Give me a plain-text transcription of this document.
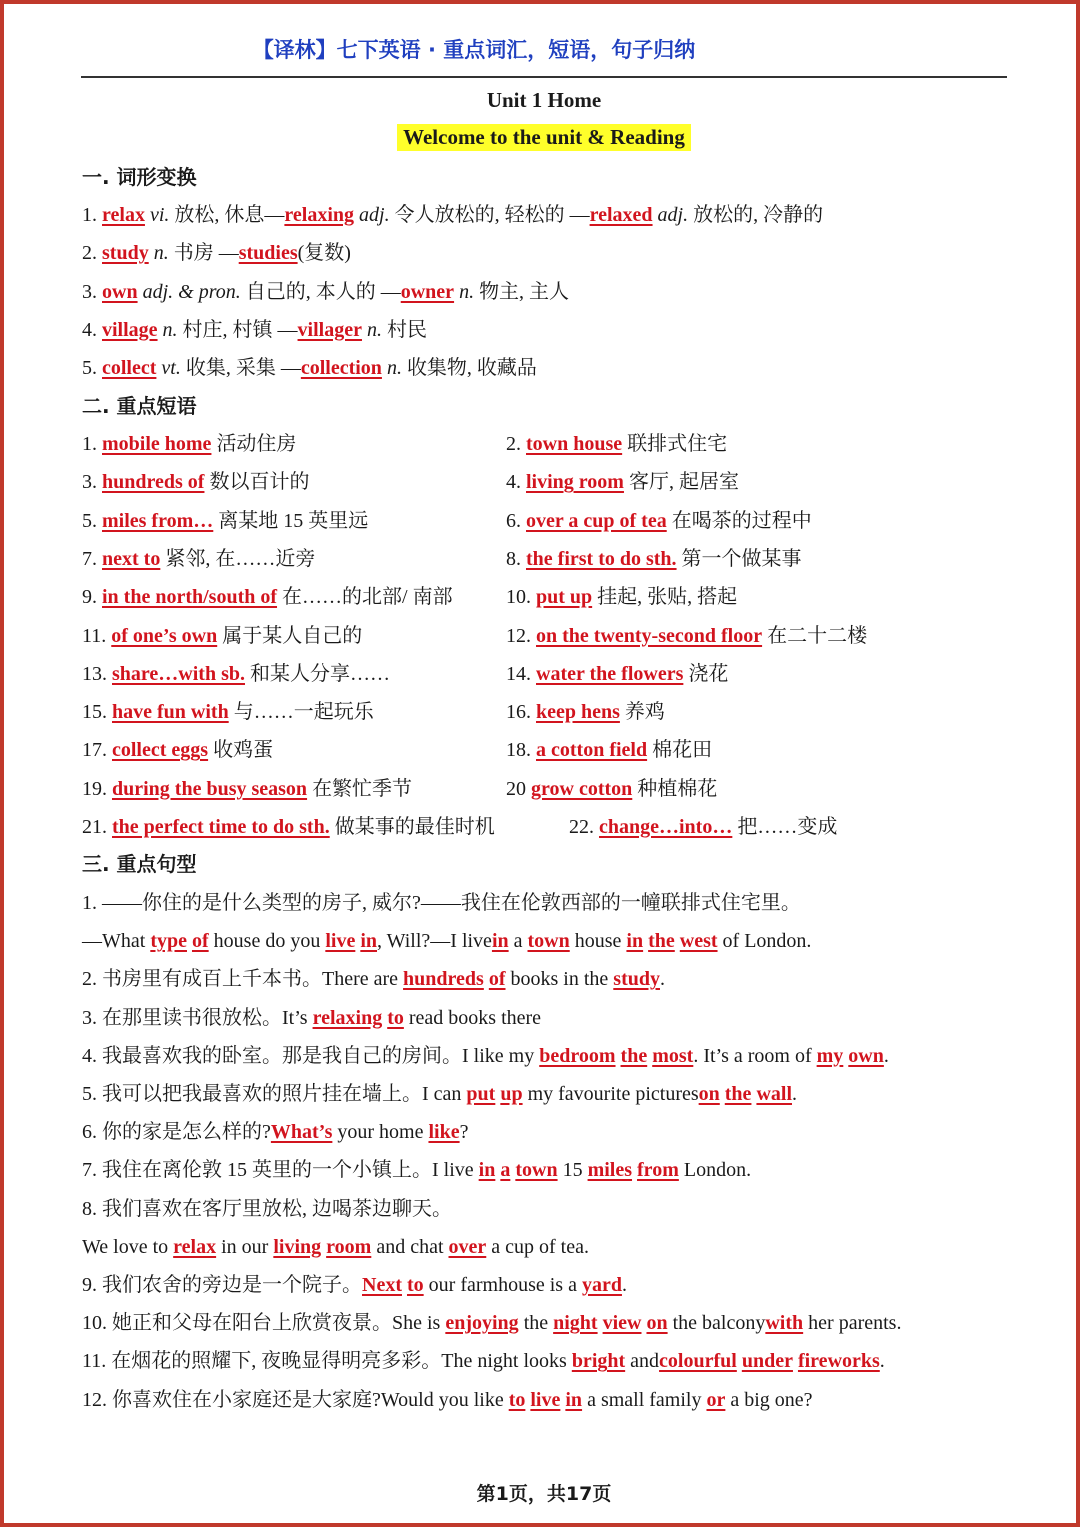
【译林】七下英语 · 重点词汇，短语，句子归纳
Unit 1 Home
Welcome to the unit & Reading
一. 词形变换
1. relax vi. 放松, 休息—relaxing adj. 令人放松的, 轻松的 —relaxed adj. 放松的, 冷静的
2. study n. 书房 —studies(复数)
3. own adj. & pron. 自己的, 本人的 —owner n. 物主, 主人
4. village n. 村庄, 村镇 —villager n. 村民
5. collect vt. 收集, 采集 —collection n. 收集物, 收藏品
二. 重点短语
1. mobile home 活动住房
3. hundreds of 数以百计的
5. miles from… 离某地 15 英里远
7. next to 紧邻, 在……近旁
9. in the north/south of 在……的北部/ 南部
11. of one’s own 属于某人自己的
13. share…with sb. 和某人分享……
15. have fun with 与……一起玩乐
17. collect eggs 收鸡蛋
19. during the busy season 在繁忙季节
21. the perfect time to do sth. 做某事的最佳时机
2. town house 联排式住宅
4. living room 客厅, 起居室
6. over a cup of tea 在喝茶的过程中
8. the first to do sth. 第一个做某事
10. put up 挂起, 张贴, 搭起
12. on the twenty-second floor 在二十二楼
14. water the flowers 浇花
16. keep hens 养鸡
18. a cotton field 棉花田
20 grow cotton 种植棉花
22. change…into… 把……变成
三. 重点句型
1. ——你住的是什么类型的房子, 威尔?——我住在伦敦西部的一幢联排式住宅里。
—What type of house do you live in, Will?—I livein a town house in the west of London.
2. 书房里有成百上千本书。There are hundreds of books in the study.
3. 在那里读书很放松。It’s relaxing to read books there
4. 我最喜欢我的卧室。那是我自己的房间。I like my bedroom the most. It’s a room of my own.
5. 我可以把我最喜欢的照片挂在墙上。I can put up my favourite pictureson the wall.
6. 你的家是怎么样的?What’s your home like?
7. 我住在离伦敦 15 英里的一个小镇上。I live in a town 15 miles from London.
8. 我们喜欢在客厅里放松, 边喝茶边聊天。
We love to relax in our living room and chat over a cup of tea.
9. 我们农舍的旁边是一个院子。Next to our farmhouse is a yard.
10. 她正和父母在阳台上欣赏夜景。She is enjoying the night view on the balconywith her parents.
11. 在烟花的照耀下, 夜晚显得明亮多彩。The night looks bright andcolourful under fireworks.
12. 你喜欢住在小家庭还是大家庭?Would you like to live in a small family or a big one?
第1页，共17页
